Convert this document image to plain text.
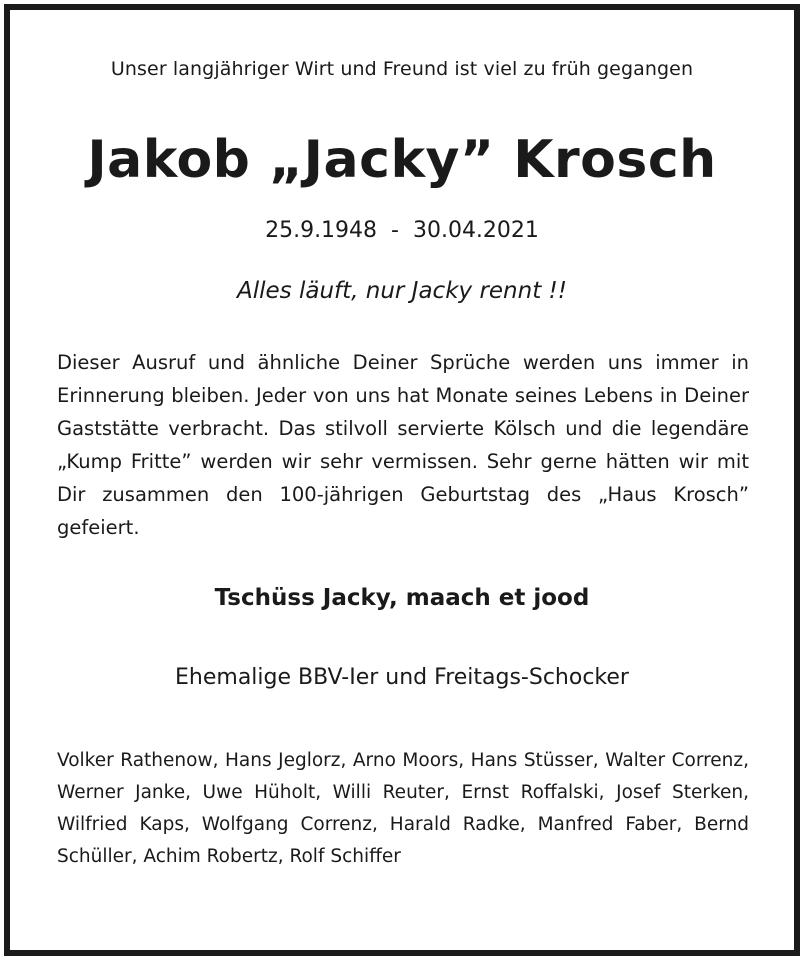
Unser langjähriger Wirt und Freund ist viel zu früh gegangen
Jakob „Jacky” Krosch
25.9.1948  -  30.04.2021
Alles läuft, nur Jacky rennt !!
Dieser Ausruf und ähnliche Deiner Sprüche werden uns immer in Erinnerung bleiben. Jeder von uns hat Monate seines Lebens in Deiner Gaststätte verbracht. Das stilvoll servierte Kölsch und die legendäre „Kump Fritte” werden wir sehr vermissen. Sehr gerne hätten wir mit Dir zusammen den 100-jährigen Geburtstag des „Haus Krosch” gefeiert.
Tschüss Jacky, maach et jood
Ehemalige BBV-Ier und Freitags-Schocker
Volker Rathenow, Hans Jeglorz, Arno Moors, Hans Stüsser, Walter Correnz, Werner Janke, Uwe Hüholt, Willi Reuter, Ernst Roffalski, Josef Sterken, Wilfried Kaps, Wolfgang Correnz, Harald Radke, Manfred Faber, Bernd Schüller, Achim Robertz, Rolf Schiffer
